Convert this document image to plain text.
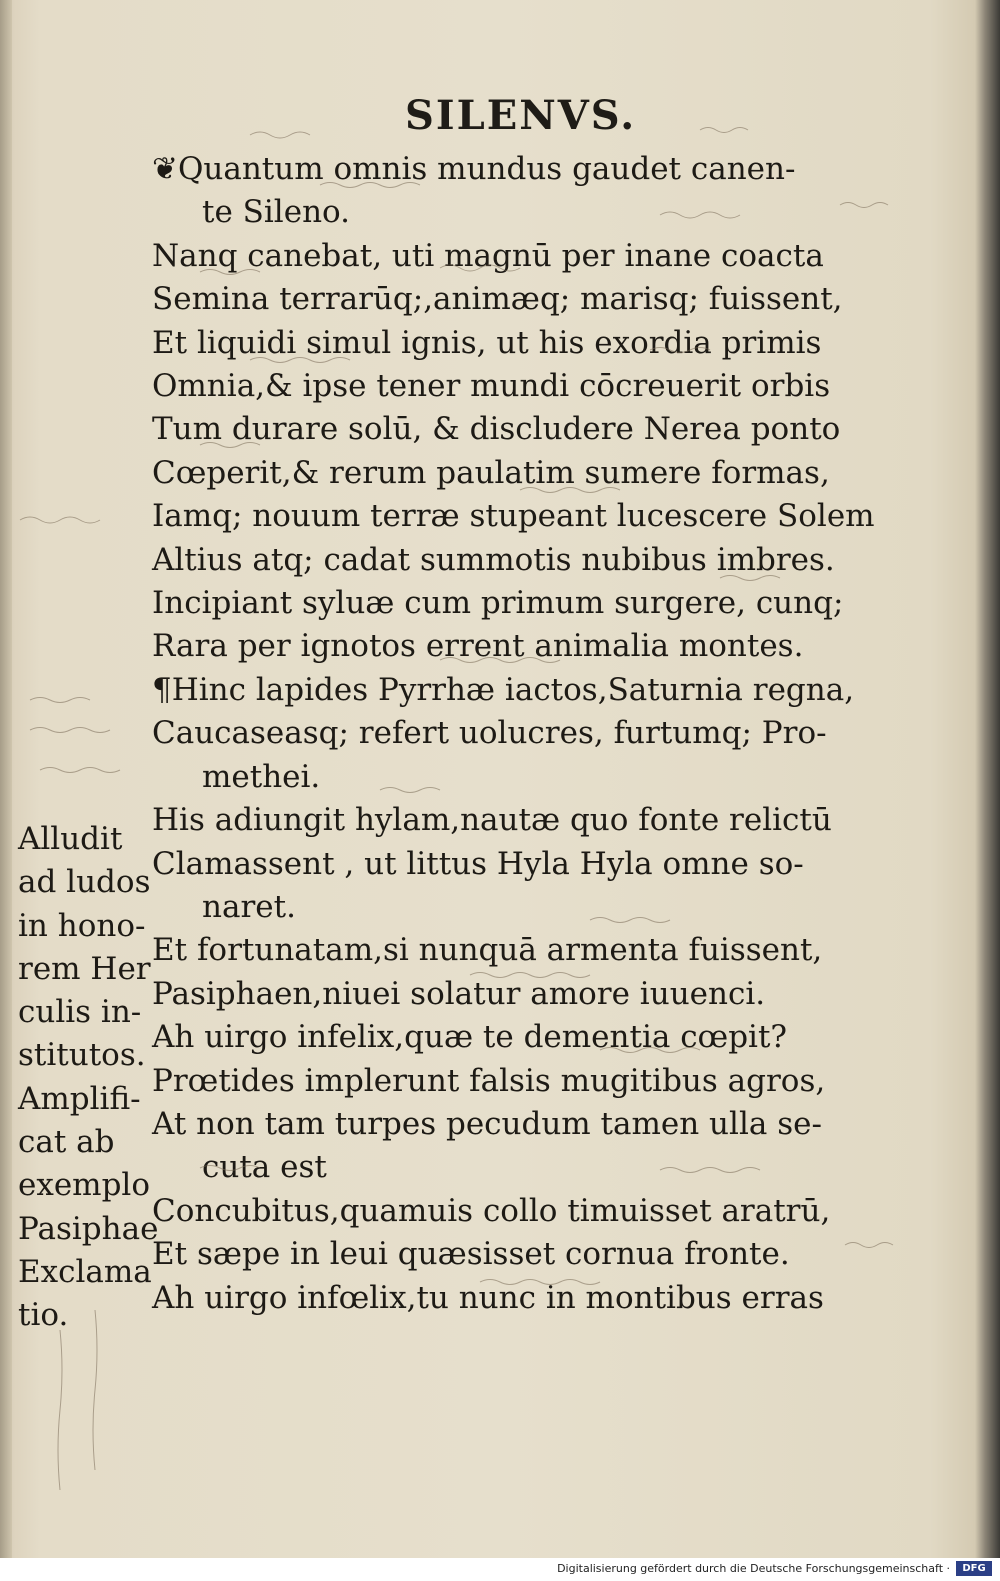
SILENVS.
❦Quantum omnis mundus gaudet canen-
te Sileno.
Nanq canebat, uti magnū per inane coacta
Semina terrarūq;,animæq; marisq; fuissent,
Et liquidi simul ignis, ut his exordia primis
Omnia,& ipse tener mundi cōcreuerit orbis
Tum durare solū, & discludere Nerea ponto
Cœperit,& rerum paulatim sumere formas,
Iamq; nouum terræ stupeant lucescere Solem
Altius atq; cadat summotis nubibus imbres.
Incipiant syluæ cum primum surgere, cunq;
Rara per ignotos errent animalia montes.
¶Hinc lapides Pyrrhæ iactos,Saturnia regna,
Caucaseasq; refert uolucres, furtumq; Pro-
methei.
His adiungit hylam,nautæ quo fonte relictū
Clamassent , ut littus Hyla Hyla omne so-
naret.
Et fortunatam,si nunquā armenta fuissent,
Pasiphaen,niuei solatur amore iuuenci.
Ah uirgo infelix,quæ te dementia cœpit?
Prœtides implerunt falsis mugitibus agros,
At non tam turpes pecudum tamen ulla se-
cuta est
Concubitus,quamuis collo timuisset aratrū,
Et sæpe in leui quæsisset cornua fronte.
Ah uirgo infœlix,tu nunc in montibus erras
Alludit
ad ludos
in hono-
rem Her
culis in-
stitutos.
Amplifi-
cat ab
exemplo
Pasiphae
Exclama
tio.
Digitalisierung gefördert durch die Deutsche Forschungsgemeinschaft ·	DFG
